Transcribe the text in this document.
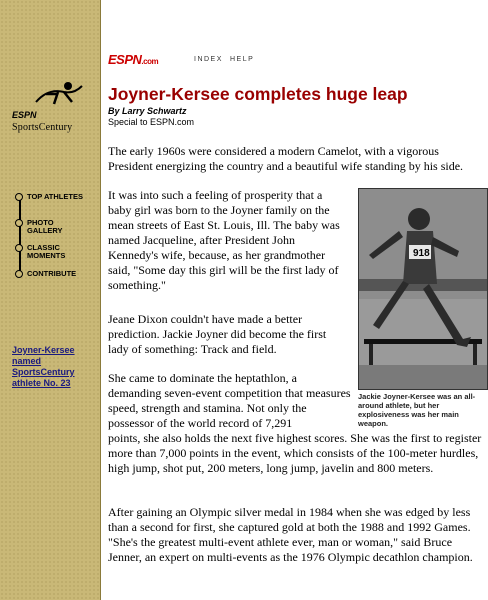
ESPN
SportsCentury
TOP ATHLETES
PHOTO GALLERY
CLASSIC MOMENTS
CONTRIBUTE
Joyner-Kersee named SportsCentury athlete No. 23
ESPN.com	INDEX HELP
Joyner-Kersee completes huge leap
By Larry Schwartz
Special to ESPN.com

The early 1960s were considered a modern Camelot, with a vigorous President energizing the country and a beautiful wife standing by his side.

It was into such a feeling of prosperity that a baby girl was born to the Joyner family on the mean streets of East St. Louis, Ill. The baby was named Jacqueline, after President John Kennedy's wife, because, as her grandmother said, "Some day this girl will be the first lady of something."

Jeane Dixon couldn't have made a better prediction. Jackie Joyner did become the first lady of something: Track and field.

She came to dominate the heptathlon, a demanding seven-event competition that measures speed, strength and stamina. Not only the possessor of the world record of 7,291

points, she also holds the next five highest scores. She was the first to register more than 7,000 points in the event, which consists of the 100-meter hurdles, high jump, shot put, 200 meters, long jump, javelin and 800 meters.

After gaining an Olympic silver medal in 1984 when she was edged by less than a second for first, she captured gold at both the 1988 and 1992 Games. "She's the greatest multi-event athlete ever, man or woman," said Bruce Jenner, an expert on multi-events as the 1976 Olympic decathlon champion.

918
Jackie Joyner-Kersee was an all-around athlete, but her explosiveness was her main weapon.
